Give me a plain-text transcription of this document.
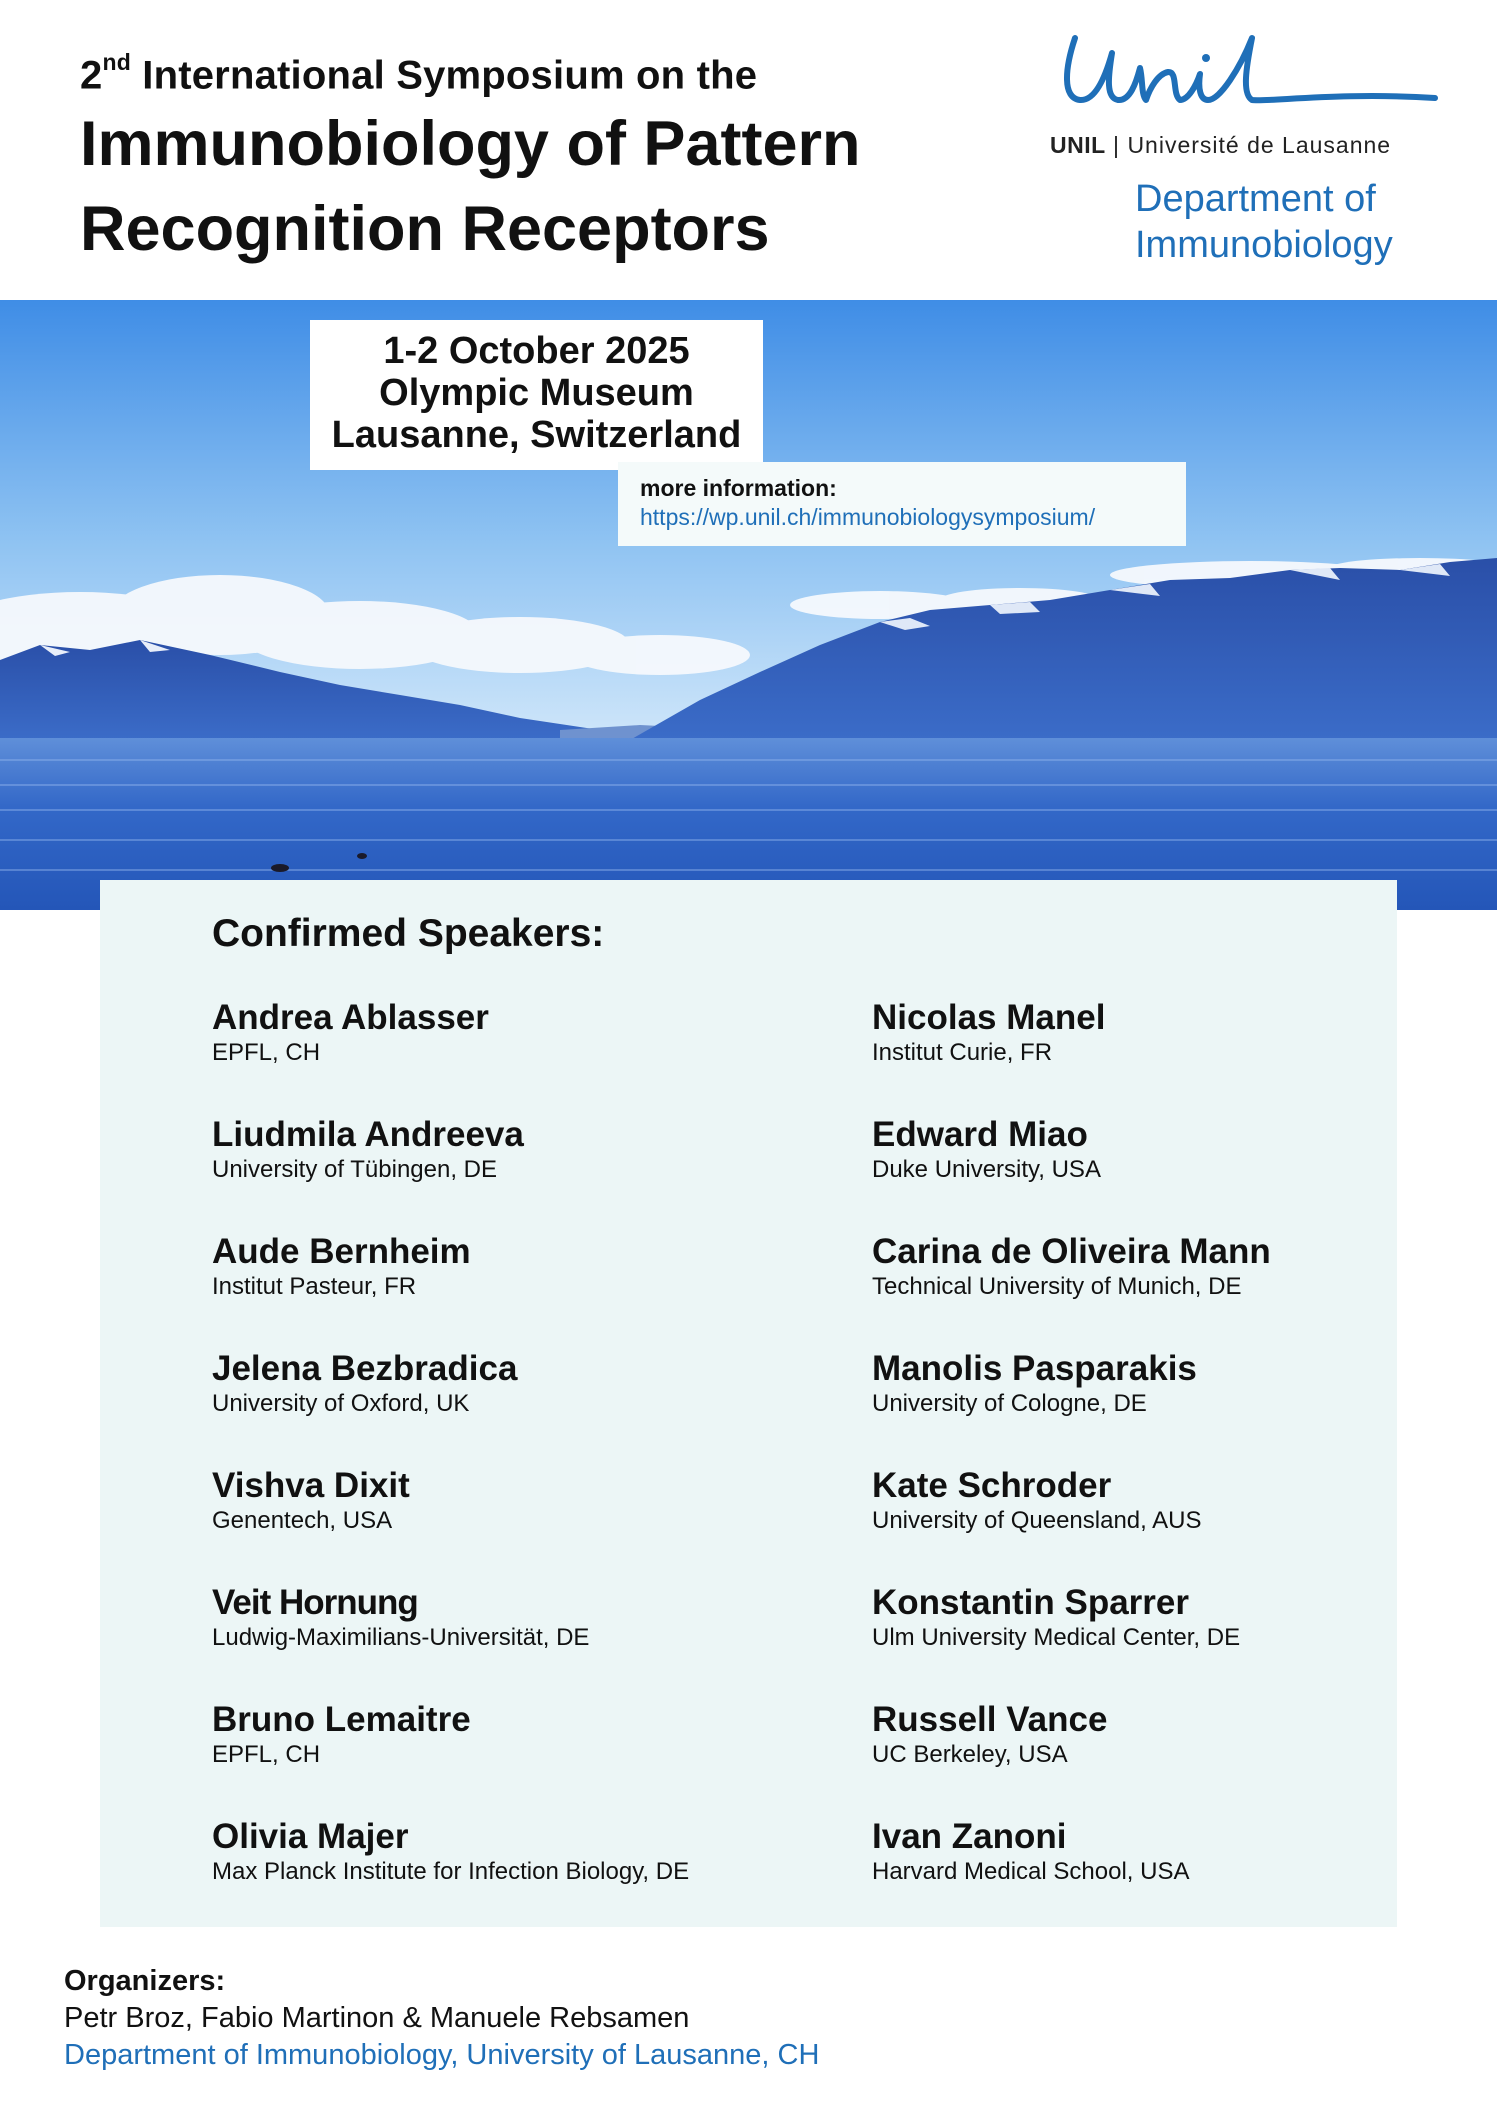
2nd International Symposium on the
Immunobiology of Pattern
Recognition Receptors
UNIL | Université de Lausanne
Department of
Immunobiology
1-2 October 2025
Olympic Museum
Lausanne, Switzerland
more information:
https://wp.unil.ch/immunobiologysymposium/
Confirmed Speakers:
Andrea Ablasser
EPFL, CH
Liudmila Andreeva
University of Tübingen, DE
Aude Bernheim
Institut Pasteur, FR
Jelena Bezbradica
University of Oxford, UK
Vishva Dixit
Genentech, USA
Veit Hornung
Ludwig-Maximilians-Universität, DE
Bruno Lemaitre
EPFL, CH
Olivia Majer
Max Planck Institute for Infection Biology, DE
Nicolas Manel
Institut Curie, FR
Edward Miao
Duke University, USA
Carina de Oliveira Mann
Technical University of Munich, DE
Manolis Pasparakis
University of Cologne, DE
Kate Schroder
University of Queensland, AUS
Konstantin Sparrer
Ulm University Medical Center, DE
Russell Vance
UC Berkeley, USA
Ivan Zanoni
Harvard Medical School, USA
Organizers:
Petr Broz, Fabio Martinon & Manuele Rebsamen
Department of Immunobiology, University of Lausanne, CH
